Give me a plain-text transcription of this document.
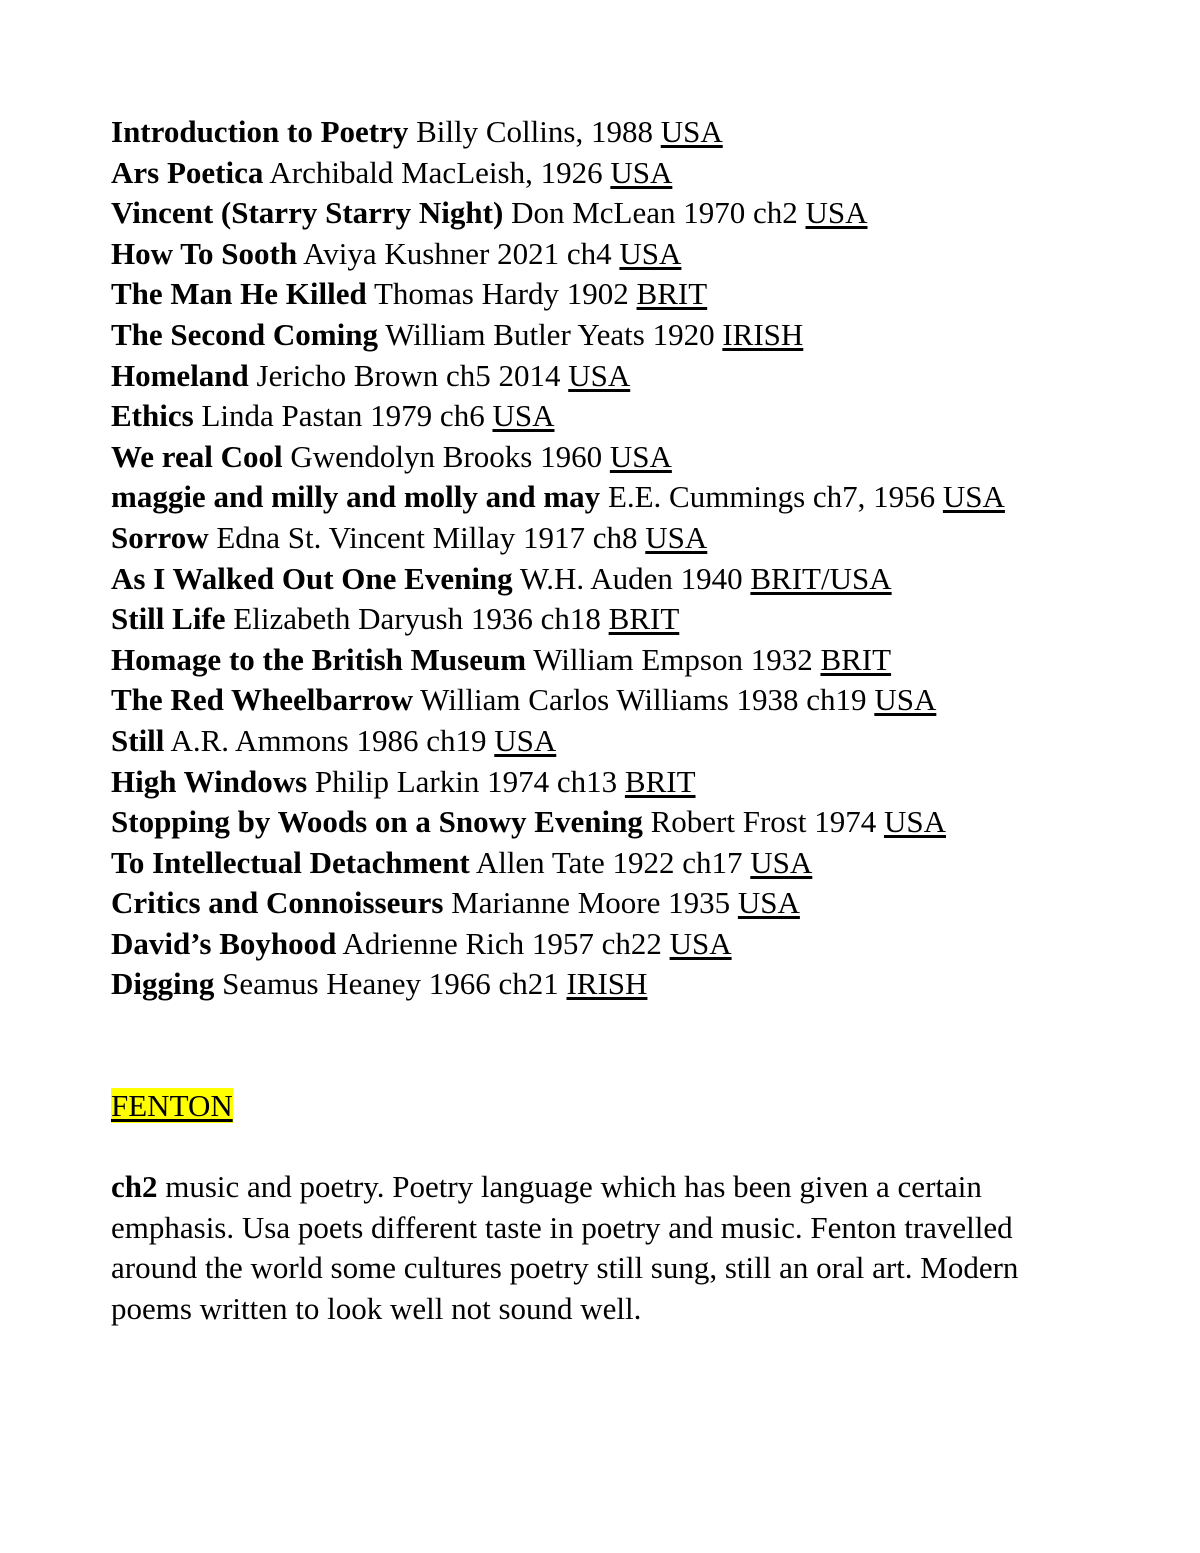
Introduction to Poetry Billy Collins, 1988 USA
Ars Poetica Archibald MacLeish, 1926 USA
Vincent (Starry Starry Night) Don McLean 1970 ch2 USA
How To Sooth Aviya Kushner 2021 ch4 USA
The Man He Killed Thomas Hardy 1902 BRIT
The Second Coming William Butler Yeats 1920 IRISH
Homeland Jericho Brown ch5 2014 USA
Ethics Linda Pastan 1979 ch6 USA
We real Cool Gwendolyn Brooks 1960 USA
maggie and milly and molly and may E.E. Cummings ch7, 1956 USA
Sorrow Edna St. Vincent Millay 1917 ch8 USA
As I Walked Out One Evening W.H. Auden 1940 BRIT/USA
Still Life Elizabeth Daryush 1936 ch18 BRIT
Homage to the British Museum William Empson 1932 BRIT
The Red Wheelbarrow William Carlos Williams 1938 ch19 USA
Still A.R. Ammons 1986 ch19 USA
High Windows Philip Larkin 1974 ch13 BRIT
Stopping by Woods on a Snowy Evening Robert Frost 1974 USA
To Intellectual Detachment Allen Tate 1922 ch17 USA
Critics and Connoisseurs Marianne Moore 1935 USA
David’s Boyhood Adrienne Rich 1957 ch22 USA
Digging Seamus Heaney 1966 ch21 IRISH

FENTON

ch2 music and poetry. Poetry language which has been given a certain emphasis. Usa poets different taste in poetry and music. Fenton travelled around the world some cultures poetry still sung, still an oral art. Modern poems written to look well not sound well.
